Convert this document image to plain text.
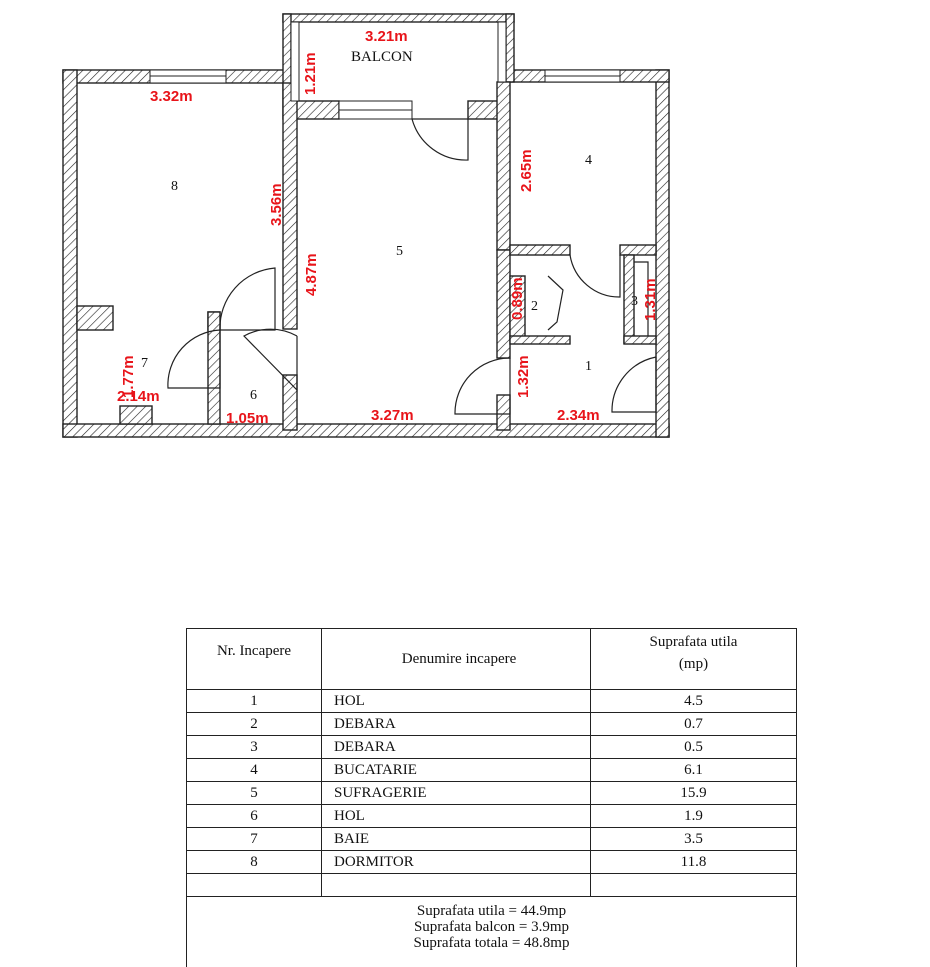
3.21m
1.21m BALCON
3.32m
3.56m
4.87m
3.27m
2.65m
0.89m	1.31m
1.32m
2.34m
1.77m
2.14m
1.05m
1
2	3
4
5
6
7
8
Nr. Incapere	Denumire incapere	Suprafata utila
(mp)
1	HOL	4.5
2	DEBARA	0.7
3	DEBARA	0.5
4	BUCATARIE	6.1
5	SUFRAGERIE	15.9
6	HOL	1.9
7	BAIE	3.5
8	DORMITOR	11.8

Suprafata utila = 44.9mp
Suprafata balcon = 3.9mp
Suprafata totala = 48.8mp		
